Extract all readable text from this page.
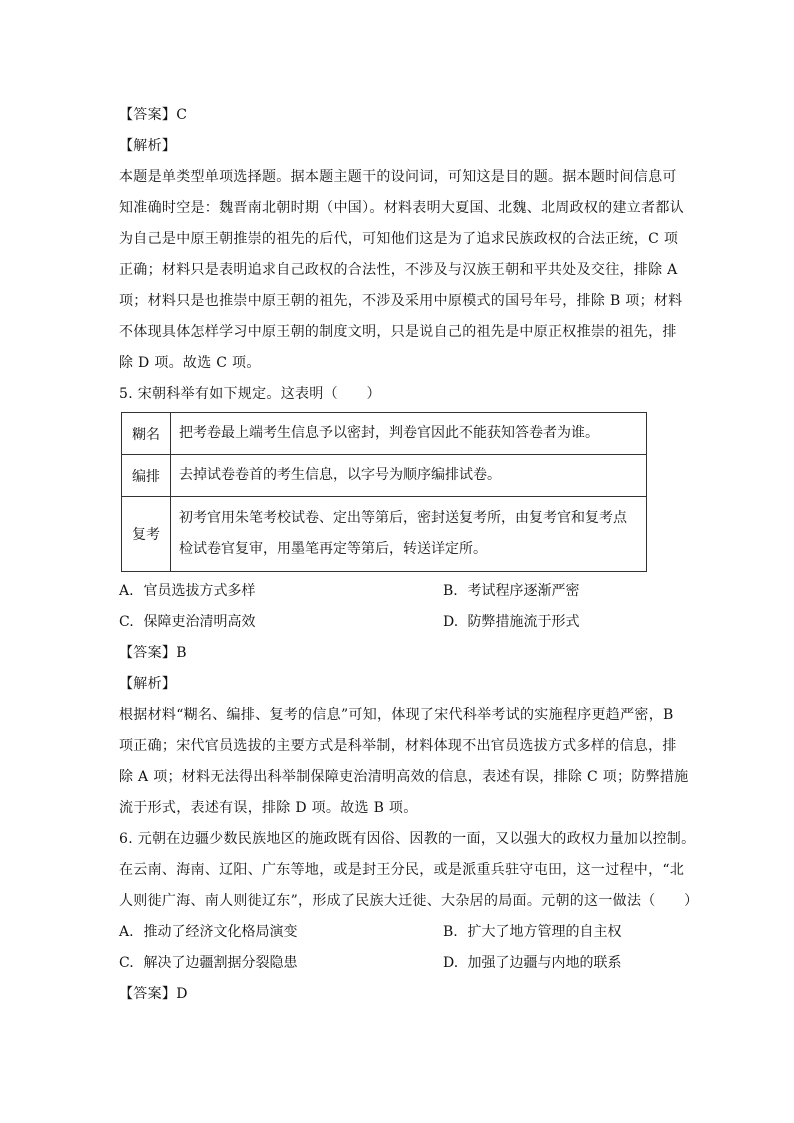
【答案】C
【解析】
本题是单类型单项选择题。据本题主题干的设问词，可知这是目的题。据本题时间信息可
知准确时空是：魏晋南北朝时期（中国）。材料表明大夏国、北魏、北周政权的建立者都认
为自己是中原王朝推崇的祖先的后代，可知他们这是为了追求民族政权的合法正统，C 项
正确；材料只是表明追求自己政权的合法性，不涉及与汉族王朝和平共处及交往，排除 A
项；材料只是也推崇中原王朝的祖先，不涉及采用中原模式的国号年号，排除 B 项；材料
不体现具体怎样学习中原王朝的制度文明，只是说自己的祖先是中原正权推崇的祖先，排
除 D 项。故选 C 项。
5. 宋朝科举有如下规定。这表明（　　）
糊名	把考卷最上端考生信息予以密封，判卷官因此不能获知答卷者为谁。
编排	去掉试卷卷首的考生信息，以字号为顺序编排试卷。
复考	初考官用朱笔考校试卷、定出等第后，密封送复考所，由复考官和复考点检试卷官复审，用墨笔再定等第后，转送详定所。
A. 官员选拔方式多样	B. 考试程序逐渐严密
C. 保障吏治清明高效	D. 防弊措施流于形式
【答案】B
【解析】
根据材料“糊名、编排、复考的信息”可知，体现了宋代科举考试的实施程序更趋严密，B
项正确；宋代官员选拔的主要方式是科举制，材料体现不出官员选拔方式多样的信息，排
除 A 项；材料无法得出科举制保障吏治清明高效的信息，表述有误，排除 C 项；防弊措施
流于形式，表述有误，排除 D 项。故选 B 项。
6. 元朝在边疆少数民族地区的施政既有因俗、因教的一面，又以强大的政权力量加以控制。
在云南、海南、辽阳、广东等地，或是封王分民，或是派重兵驻守屯田，这一过程中，“北
人则徙广海、南人则徙辽东”，形成了民族大迁徙、大杂居的局面。元朝的这一做法（　　）
A. 推动了经济文化格局演变	B. 扩大了地方管理的自主权
C. 解决了边疆割据分裂隐患	D. 加强了边疆与内地的联系
【答案】D
